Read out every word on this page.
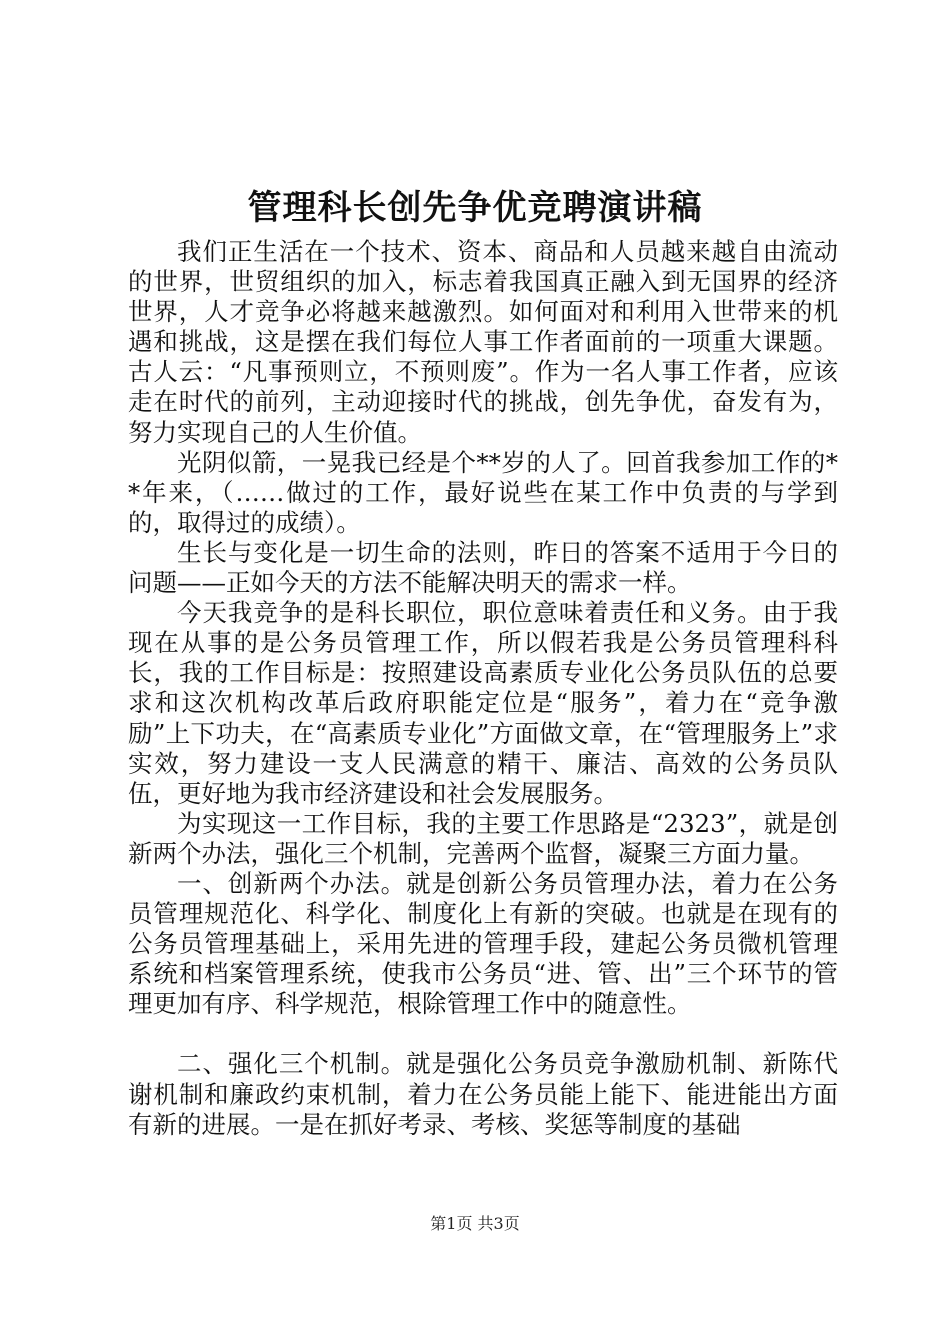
管理科长创先争优竞聘演讲稿

我们正生活在一个技术、资本、商品和人员越来越自由流动的世界，世贸组织的加入，标志着我国真正融入到无国界的经济世界，人才竞争必将越来越激烈。如何面对和利用入世带来的机遇和挑战，这是摆在我们每位人事工作者面前的一项重大课题。古人云：“凡事预则立，不预则废”。作为一名人事工作者，应该走在时代的前列，主动迎接时代的挑战，创先争优，奋发有为，努力实现自己的人生价值。

光阴似箭，一晃我已经是个**岁的人了。回首我参加工作的**年来，（……做过的工作，最好说些在某工作中负责的与学到的，取得过的成绩）。

生长与变化是一切生命的法则，昨日的答案不适用于今日的问题——正如今天的方法不能解决明天的需求一样。

今天我竞争的是科长职位，职位意味着责任和义务。由于我现在从事的是公务员管理工作，所以假若我是公务员管理科科长，我的工作目标是：按照建设高素质专业化公务员队伍的总要求和这次机构改革后政府职能定位是“服务”，着力在“竞争激励”上下功夫，在“高素质专业化”方面做文章，在“管理服务上”求实效，努力建设一支人民满意的精干、廉洁、高效的公务员队伍，更好地为我市经济建设和社会发展服务。

为实现这一工作目标，我的主要工作思路是“2323”，就是创新两个办法，强化三个机制，完善两个监督，凝聚三方面力量。

一、创新两个办法。就是创新公务员管理办法，着力在公务员管理规范化、科学化、制度化上有新的突破。也就是在现有的公务员管理基础上，采用先进的管理手段，建起公务员微机管理系统和档案管理系统，使我市公务员“进、管、出”三个环节的管理更加有序、科学规范，根除管理工作中的随意性。

二、强化三个机制。就是强化公务员竞争激励机制、新陈代谢机制和廉政约束机制，着力在公务员能上能下、能进能出方面有新的进展。一是在抓好考录、考核、奖惩等制度的基础

第1页 共3页
